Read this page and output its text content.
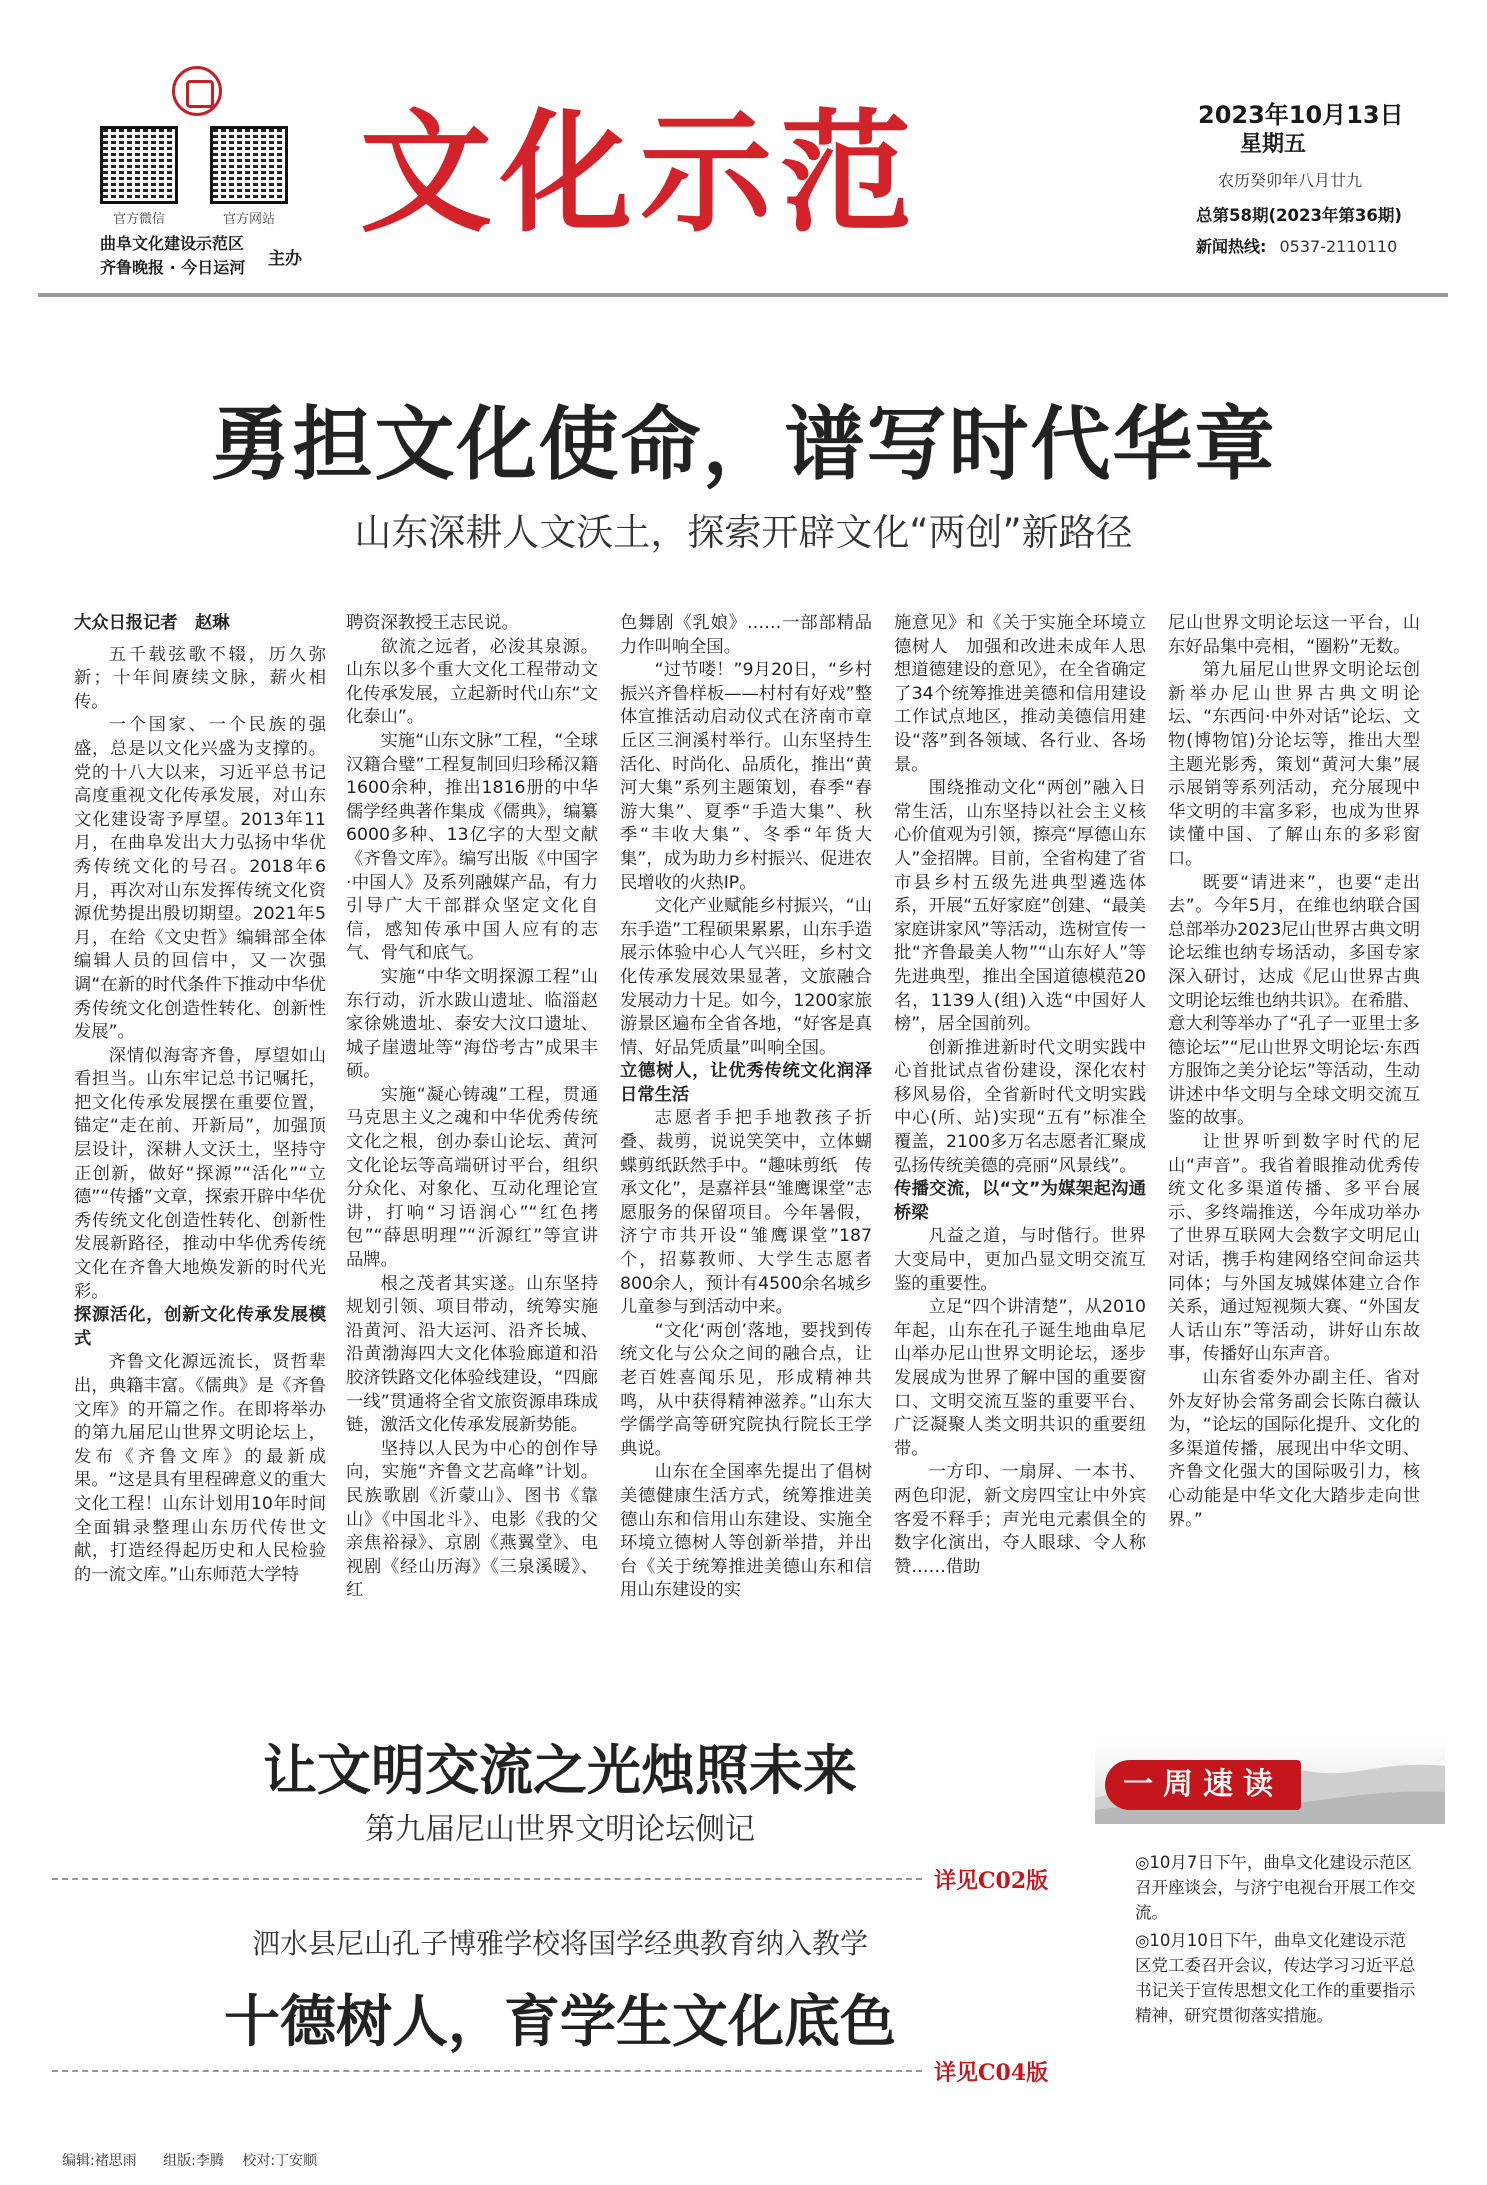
官方微信	官方网站
曲阜文化建设示范区
齐鲁晚报 · 今日运河 主办
文化示范	2023年10月13日
星期五
农历癸卯年八月廿九
总第58期(2023年第36期)
新闻热线: 0537-2110110
勇担文化使命，谱写时代华章
山东深耕人文沃土，探索开辟文化“两创”新路径

大众日报记者　赵琳

五千载弦歌不辍，历久弥新；十年间赓续文脉，薪火相传。

一个国家、一个民族的强盛，总是以文化兴盛为支撑的。党的十八大以来，习近平总书记高度重视文化传承发展，对山东文化建设寄予厚望。2013年11月，在曲阜发出大力弘扬中华优秀传统文化的号召。2018年6月，再次对山东发挥传统文化资源优势提出殷切期望。2021年5月，在给《文史哲》编辑部全体编辑人员的回信中，又一次强调“在新的时代条件下推动中华优秀传统文化创造性转化、创新性发展”。

深情似海寄齐鲁，厚望如山看担当。山东牢记总书记嘱托，把文化传承发展摆在重要位置，锚定“走在前、开新局”，加强顶层设计，深耕人文沃土，坚持守正创新，做好“探源”“活化”“立德”“传播”文章，探索开辟中华优秀传统文化创造性转化、创新性发展新路径，推动中华优秀传统文化在齐鲁大地焕发新的时代光彩。

探源活化，创新文化传承发展模式

齐鲁文化源远流长，贤哲辈出，典籍丰富。《儒典》是《齐鲁文库》的开篇之作。在即将举办的第九届尼山世界文明论坛上，发布《齐鲁文库》的最新成果。“这是具有里程碑意义的重大文化工程！山东计划用10年时间全面辑录整理山东历代传世文献，打造经得起历史和人民检验的一流文库。”山东师范大学特

聘资深教授王志民说。

欲流之远者，必浚其泉源。山东以多个重大文化工程带动文化传承发展，立起新时代山东“文化泰山”。

实施“山东文脉”工程，“全球汉籍合璧”工程复制回归珍稀汉籍1600余种，推出1816册的中华儒学经典著作集成《儒典》，编纂6000多种、13亿字的大型文献《齐鲁文库》。编写出版《中国字·中国人》及系列融媒产品，有力引导广大干部群众坚定文化自信，感知传承中国人应有的志气、骨气和底气。

实施“中华文明探源工程”山东行动，沂水跋山遗址、临淄赵家徐姚遗址、泰安大汶口遗址、城子崖遗址等“海岱考古”成果丰硕。

实施“凝心铸魂”工程，贯通马克思主义之魂和中华优秀传统文化之根，创办泰山论坛、黄河文化论坛等高端研讨平台，组织分众化、对象化、互动化理论宣讲，打响“习语润心”“红色拷包”“薛思明理”“沂源红”等宣讲品牌。

根之茂者其实遂。山东坚持规划引领、项目带动，统筹实施沿黄河、沿大运河、沿齐长城、沿黄渤海四大文化体验廊道和沿胶济铁路文化体验线建设，“四廊一线”贯通将全省文旅资源串珠成链，激活文化传承发展新势能。

坚持以人民为中心的创作导向，实施“齐鲁文艺高峰”计划。民族歌剧《沂蒙山》、图书《靠山》《中国北斗》、电影《我的父亲焦裕禄》、京剧《燕翼堂》、电视剧《经山历海》《三泉溪暖》、红

色舞剧《乳娘》……一部部精品力作叫响全国。

“过节喽！”9月20日，“乡村振兴齐鲁样板——村村有好戏”整体宣推活动启动仪式在济南市章丘区三涧溪村举行。山东坚持生活化、时尚化、品质化，推出“黄河大集”系列主题策划，春季“春游大集”、夏季“手造大集”、秋季“丰收大集”、冬季“年货大集”，成为助力乡村振兴、促进农民增收的火热IP。

文化产业赋能乡村振兴，“山东手造”工程硕果累累，山东手造展示体验中心人气兴旺，乡村文化传承发展效果显著，文旅融合发展动力十足。如今，1200家旅游景区遍布全省各地，“好客是真情、好品凭质量”叫响全国。

立德树人，让优秀传统文化润泽日常生活

志愿者手把手地教孩子折叠、裁剪，说说笑笑中，立体蝴蝶剪纸跃然手中。“趣味剪纸　传承文化”，是嘉祥县“雏鹰课堂”志愿服务的保留项目。今年暑假，济宁市共开设“雏鹰课堂”187个，招募教师、大学生志愿者800余人，预计有4500余名城乡儿童参与到活动中来。

“文化‘两创’落地，要找到传统文化与公众之间的融合点，让老百姓喜闻乐见，形成精神共鸣，从中获得精神滋养。”山东大学儒学高等研究院执行院长王学典说。

山东在全国率先提出了倡树美德健康生活方式，统筹推进美德山东和信用山东建设、实施全环境立德树人等创新举措，并出台《关于统筹推进美德山东和信用山东建设的实

施意见》和《关于实施全环境立德树人　加强和改进未成年人思想道德建设的意见》，在全省确定了34个统筹推进美德和信用建设工作试点地区，推动美德信用建设“落”到各领域、各行业、各场景。

围绕推动文化“两创”融入日常生活，山东坚持以社会主义核心价值观为引领，擦亮“厚德山东人”金招牌。目前，全省构建了省市县乡村五级先进典型遴选体系，开展“五好家庭”创建、“最美家庭讲家风”等活动，选树宣传一批“齐鲁最美人物”“山东好人”等先进典型，推出全国道德模范20名，1139人(组)入选“中国好人榜”，居全国前列。

创新推进新时代文明实践中心首批试点省份建设，深化农村移风易俗，全省新时代文明实践中心(所、站)实现“五有”标准全覆盖，2100多万名志愿者汇聚成弘扬传统美德的亮丽“风景线”。

传播交流，以“文”为媒架起沟通桥梁

凡益之道，与时偕行。世界大变局中，更加凸显文明交流互鉴的重要性。

立足“四个讲清楚”，从2010年起，山东在孔子诞生地曲阜尼山举办尼山世界文明论坛，逐步发展成为世界了解中国的重要窗口、文明交流互鉴的重要平台、广泛凝聚人类文明共识的重要纽带。

一方印、一扇屏、一本书、两色印泥，新文房四宝让中外宾客爱不释手；声光电元素俱全的数字化演出，夺人眼球、令人称赞……借助

尼山世界文明论坛这一平台，山东好品集中亮相，“圈粉”无数。

第九届尼山世界文明论坛创新举办尼山世界古典文明论坛、“东西问·中外对话”论坛、文物(博物馆)分论坛等，推出大型主题光影秀，策划“黄河大集”展示展销等系列活动，充分展现中华文明的丰富多彩，也成为世界读懂中国、了解山东的多彩窗口。

既要“请进来”，也要“走出去”。今年5月，在维也纳联合国总部举办2023尼山世界古典文明论坛维也纳专场活动，多国专家深入研讨，达成《尼山世界古典文明论坛维也纳共识》。在希腊、意大利等举办了“孔子一亚里士多德论坛”“尼山世界文明论坛·东西方服饰之美分论坛”等活动，生动讲述中华文明与全球文明交流互鉴的故事。

让世界听到数字时代的尼山“声音”。我省着眼推动优秀传统文化多渠道传播、多平台展示、多终端推送，今年成功举办了世界互联网大会数字文明尼山对话，携手构建网络空间命运共同体；与外国友城媒体建立合作关系，通过短视频大赛、“外国友人话山东”等活动，讲好山东故事，传播好山东声音。

山东省委外办副主任、省对外友好协会常务副会长陈白薇认为，“论坛的国际化提升、文化的多渠道传播，展现出中华文明、齐鲁文化强大的国际吸引力，核心动能是中华文化大踏步走向世界。”

让文明交流之光烛照未来
第九届尼山世界文明论坛侧记
详见C02版
泗水县尼山孔子博雅学校将国学经典教育纳入教学
十德树人，育学生文化底色
详见C04版
一周速读
◎10月7日下午，曲阜文化建设示范区召开座谈会，与济宁电视台开展工作交流。
◎10月10日下午，曲阜文化建设示范区党工委召开会议，传达学习习近平总书记关于宣传思想文化工作的重要指示精神，研究贯彻落实措施。
编辑:褚思雨 组版:李腾 校对:丁安顺
